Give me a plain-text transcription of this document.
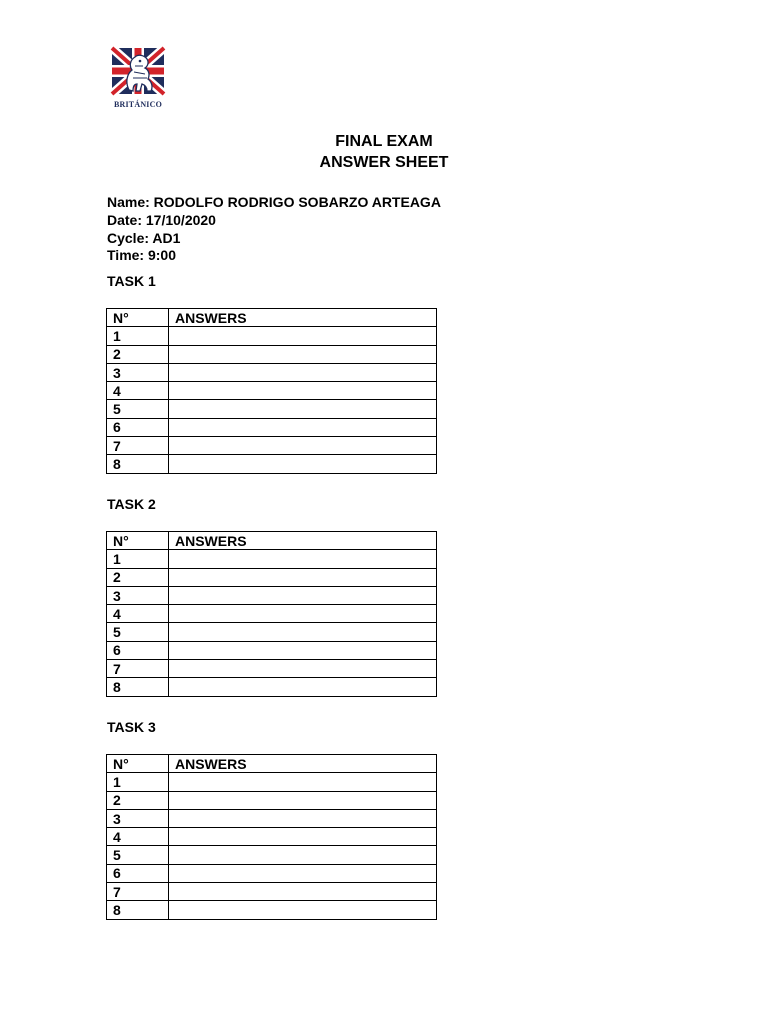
BRITÁNICO
FINAL EXAM
ANSWER SHEET
Name: RODOLFO RODRIGO SOBARZO ARTEAGA
Date: 17/10/2020
Cycle: AD1
Time: 9:00
TASK 1
N°	ANSWERS
1	
2	
3	
4	
5	
6	
7	
8	
TASK 2
N°	ANSWERS
1	
2	
3	
4	
5	
6	
7	
8	
TASK 3
N°	ANSWERS
1	
2	
3	
4	
5	
6	
7	
8	
